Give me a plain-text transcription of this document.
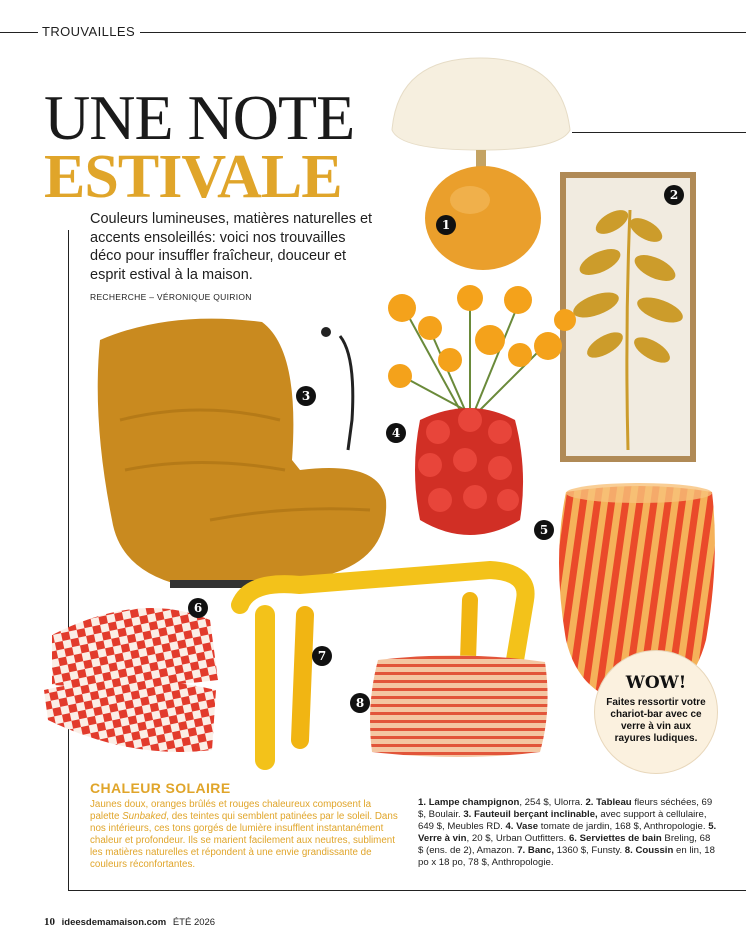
TROUVAILLES
UNE NOTE
ESTIVALE
Couleurs lumineuses, matières naturelles et accents ensoleillés: voici nos trouvailles déco pour insuffler fraîcheur, douceur et esprit estival à la maison.
RECHERCHE – VÉRONIQUE QUIRION
1
2
3
4
5
6
7
8
WOW!
Faites ressortir votre chariot-bar avec ce verre à vin aux rayures ludiques.
CHALEUR SOLAIRE
Jaunes doux, oranges brûlés et rouges chaleureux composent la palette Sunbaked, des teintes qui semblent patinées par le soleil. Dans nos intérieurs, ces tons gorgés de lumière insufflent instantanément chaleur et profondeur. Ils se marient facilement aux neutres, subliment les matières naturelles et répondent à une envie grandissante de couleurs réconfortantes.
1. Lampe champignon, 254 $, Ulorra. 2. Tableau fleurs séchées, 69 $, Boulair. 3. Fauteuil berçant inclinable, avec support à cellulaire, 649 $, Meubles RD. 4. Vase tomate de jardin, 168 $, Anthropologie. 5. Verre à vin, 20 $, Urban Outfitters. 6. Serviettes de bain Breling, 68 $ (ens. de 2), Amazon. 7. Banc, 1360 $, Funsty. 8. Coussin en lin, 18 po x 18 po, 78 $, Anthropologie.
10 ideesdemamaison.com ÉTÉ 2026
